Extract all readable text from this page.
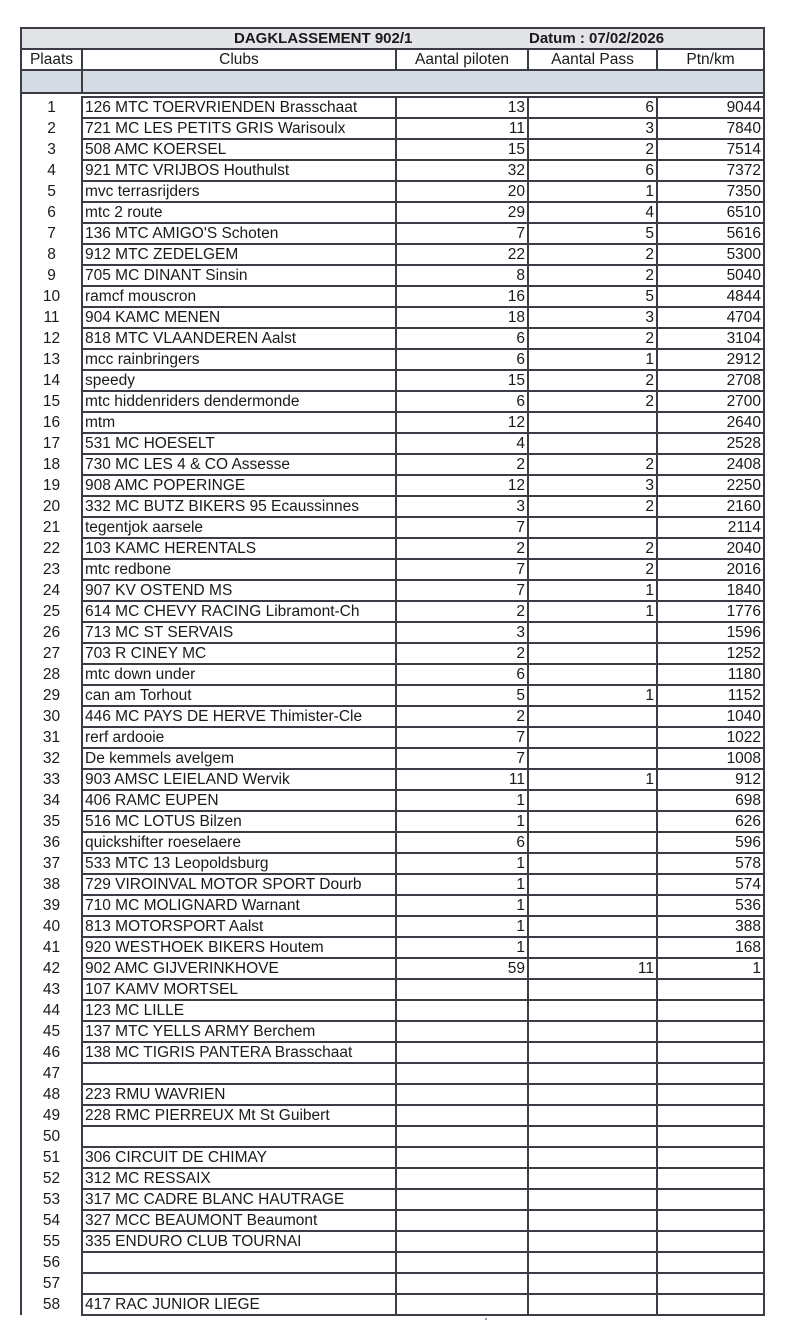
DAGKLASSEMENT 902/1 Datum : 07/02/2026				

Plaats	Clubs	Aantal piloten	Aantal Pass	Ptn/km

1	126 MTC TOERVRIENDEN Brasschaat	13	6	9044
2	721 MC LES PETITS GRIS Warisoulx	11	3	7840
3	508 AMC KOERSEL	15	2	7514
4	921 MTC VRIJBOS Houthulst	32	6	7372
5	mvc terrasrijders	20	1	7350
6	mtc 2 route	29	4	6510
7	136 MTC AMIGO'S Schoten	7	5	5616
8	912 MTC ZEDELGEM	22	2	5300
9	705 MC DINANT Sinsin	8	2	5040
10	ramcf mouscron	16	5	4844
11	904 KAMC MENEN	18	3	4704
12	818 MTC VLAANDEREN Aalst	6	2	3104
13	mcc rainbringers	6	1	2912
14	speedy	15	2	2708
15	mtc hiddenriders dendermonde	6	2	2700
16	mtm	12		2640
17	531 MC HOESELT	4		2528
18	730 MC LES 4 & CO Assesse	2	2	2408
19	908 AMC POPERINGE	12	3	2250
20	332 MC BUTZ BIKERS 95 Ecaussinnes	3	2	2160
21	tegentjok aarsele	7		2114
22	103 KAMC HERENTALS	2	2	2040
23	mtc redbone	7	2	2016
24	907 KV OSTEND MS	7	1	1840
25	614 MC CHEVY RACING Libramont-Ch	2	1	1776
26	713 MC ST SERVAIS	3		1596
27	703 R CINEY MC	2		1252
28	mtc down under	6		1180
29	can am Torhout	5	1	1152
30	446 MC PAYS DE HERVE Thimister-Cle	2		1040
31	rerf ardooie	7		1022
32	De kemmels avelgem	7		1008
33	903 AMSC LEIELAND Wervik	11	1	912
34	406 RAMC EUPEN	1		698
35	516 MC LOTUS Bilzen	1		626
36	quickshifter roeselaere	6		596
37	533 MTC 13 Leopoldsburg	1		578
38	729 VIROINVAL MOTOR SPORT Dourb	1		574
39	710 MC MOLIGNARD Warnant	1		536
40	813 MOTORSPORT Aalst	1		388
41	920 WESTHOEK BIKERS Houtem	1		168
42	902 AMC GIJVERINKHOVE	59	11	1
43	107 KAMV MORTSEL			
44	123 MC LILLE			
45	137 MTC YELLS ARMY Berchem			
46	138 MC TIGRIS PANTERA Brasschaat			
47				
48	223 RMU WAVRIEN			
49	228 RMC PIERREUX Mt St Guibert			
50				
51	306 CIRCUIT DE CHIMAY			
52	312 MC RESSAIX			
53	317 MC CADRE BLANC HAUTRAGE			
54	327 MCC BEAUMONT Beaumont			
55	335 ENDURO CLUB TOURNAI			
56				
57				
58	417 RAC JUNIOR LIEGE			
